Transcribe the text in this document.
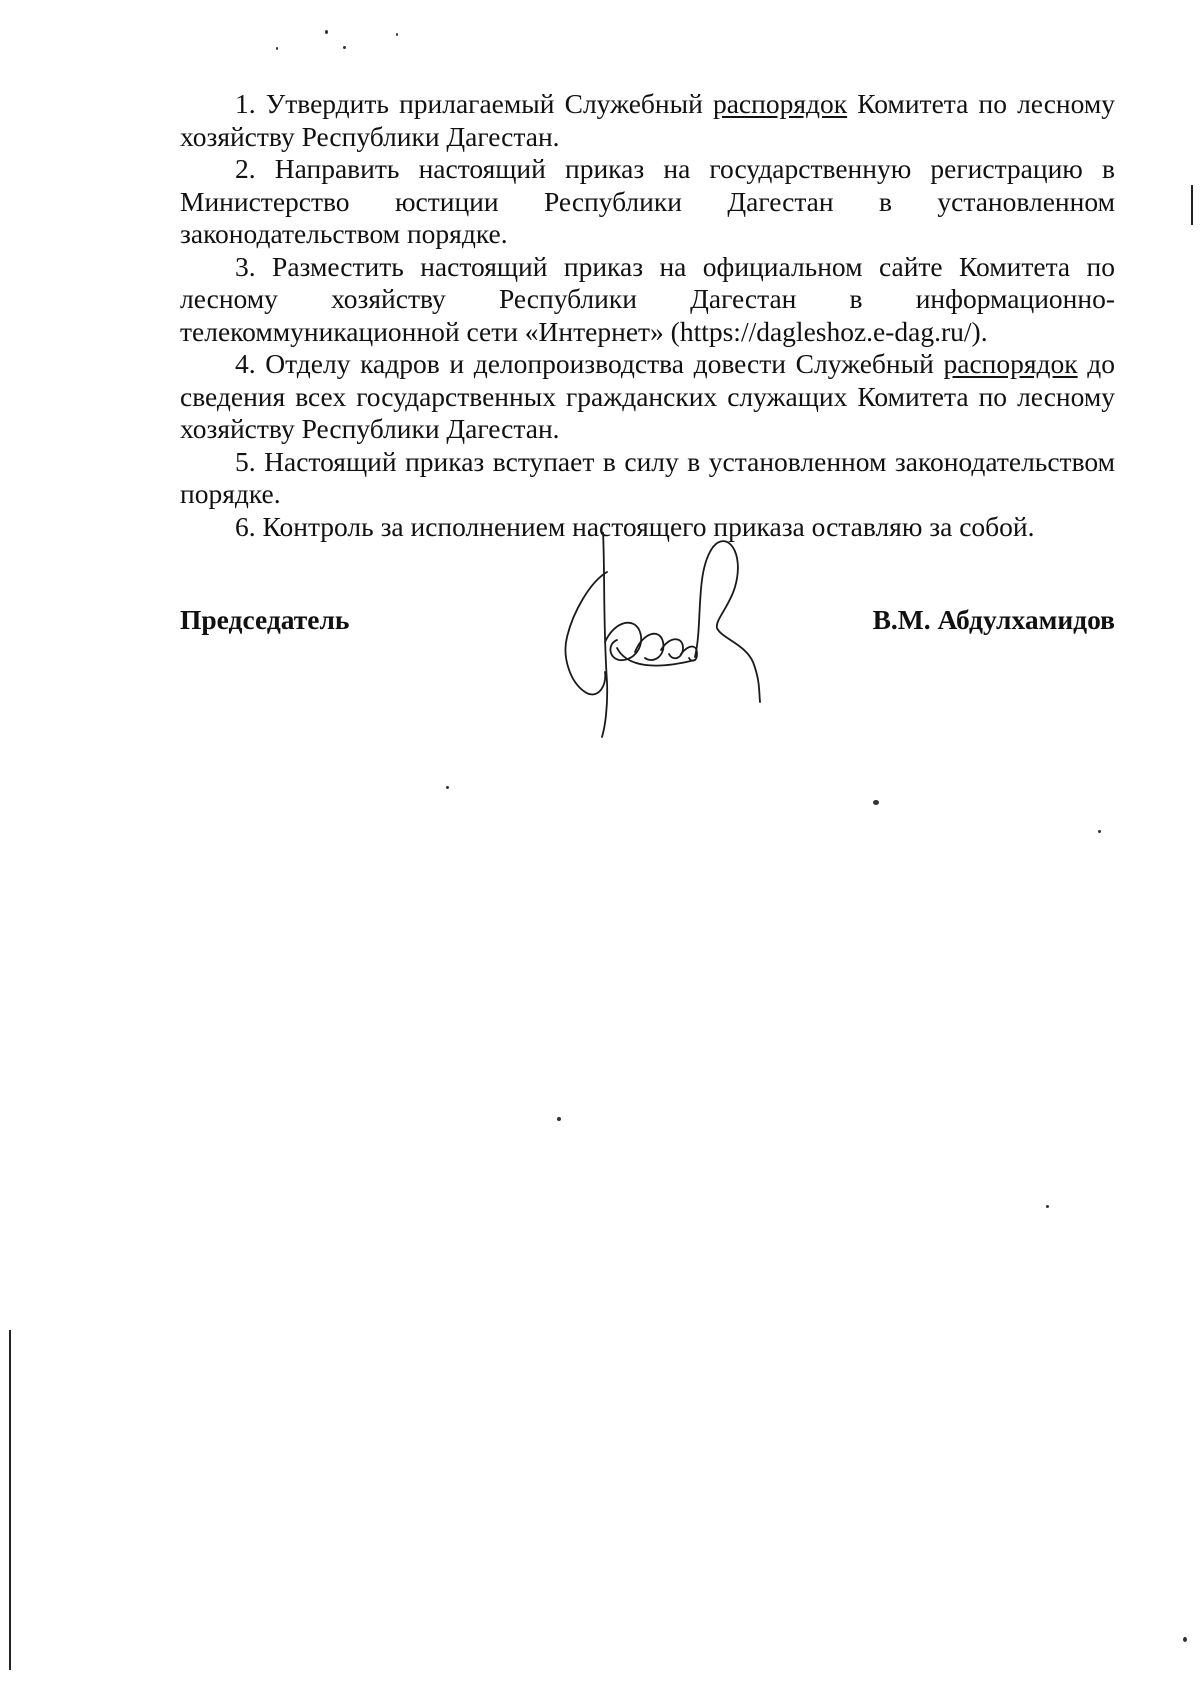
1. Утвердить прилагаемый Служебный распорядок Комитета по лесному хозяйству Республики Дагестан.

2. Направить настоящий приказ на государственную регистрацию в Министерство юстиции Республики Дагестан в установленном законодательством порядке.

3. Разместить настоящий приказ на официальном сайте Комитета по лесному хозяйству Республики Дагестан в информационно-телекоммуникационной сети «Интернет» (https://dagleshoz.e-dag.ru/).

4. Отделу кадров и делопроизводства довести Служебный распорядок до сведения всех государственных гражданских служащих Комитета по лесному хозяйству Республики Дагестан.

5. Настоящий приказ вступает в силу в установленном законодательством порядке.

6. Контроль за исполнением настоящего приказа оставляю за собой.

Председатель	В.М. Абдулхамидов
